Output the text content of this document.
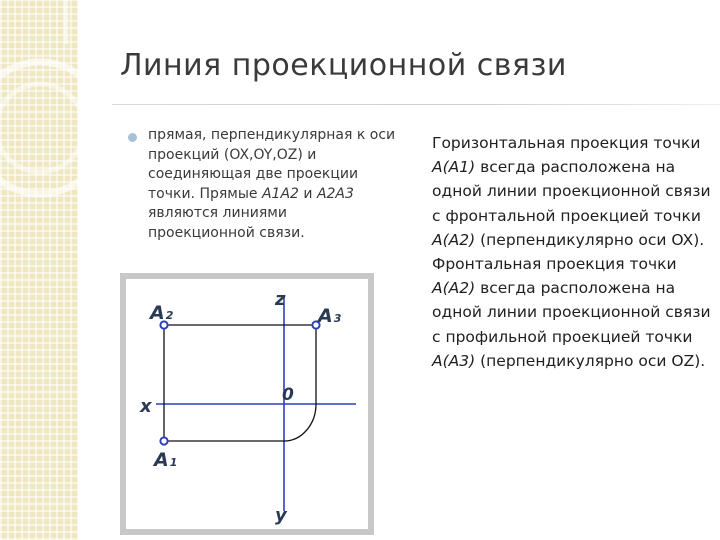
Линия проекционной связи
прямая, перпендикулярная к оси проекций (OX,OY,OZ) и соединяющая две проекции точки. Прямые A1A2 и A2A3 являются линиями проекционной связи.
Горизонтальная проекция точки A(A1) всегда расположена на одной линии проекционной связи с фронтальной проекцией точки A(A2) (перпендикулярно оси OX). Фронтальная проекция точки A(A2) всегда расположена на одной линии проекционной связи с профильной проекцией точки A(A3) (перпендикулярно оси OZ).
z
x
y
0
A2	A3
A1
